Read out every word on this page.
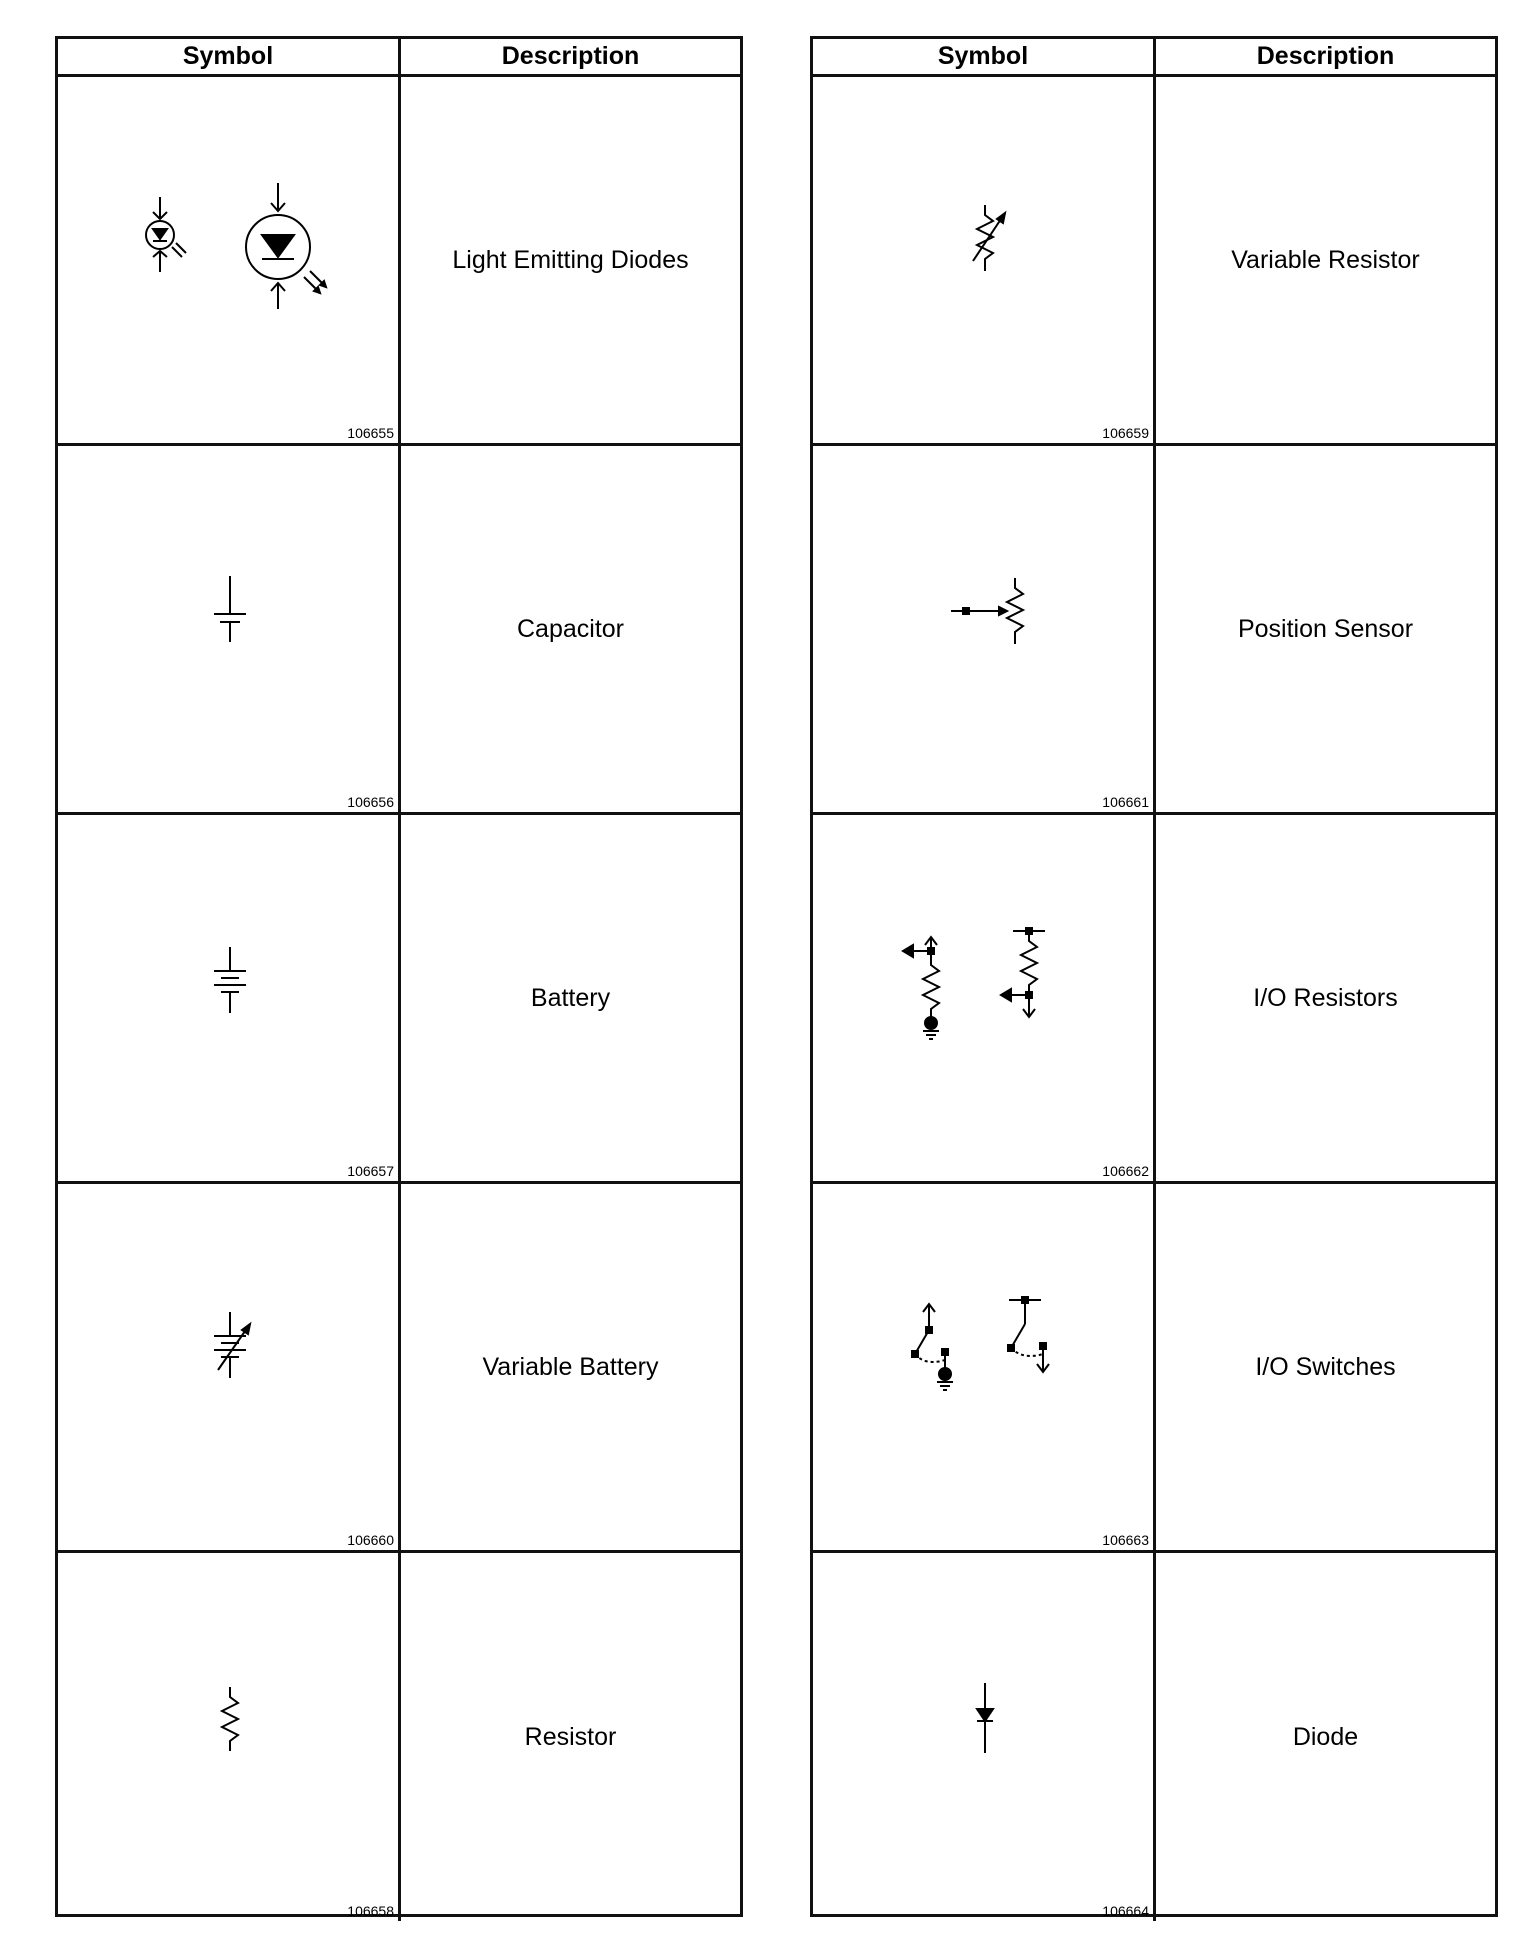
Symbol	Description
106655
Light Emitting Diodes
106656
Capacitor
106657
Battery
106660
Variable Battery
106658
Resistor
Symbol	Description
106659
Variable Resistor
106661
Position Sensor
106662
I/O Resistors
106663
I/O Switches
106664
Diode
